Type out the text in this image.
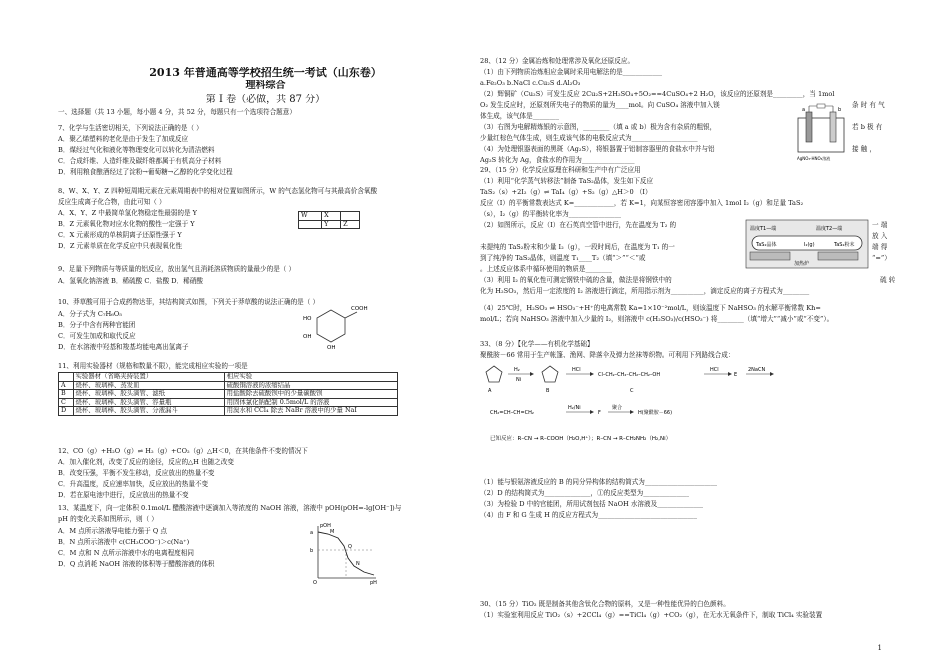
2013 年普通高等学校招生统一考试（山东卷）
理科综合
第 I 卷（必做，共 87 分）
一、选择题（共 13 小题，每小题 4 分，共 52 分，每题只有一个选项符合题意）
7、化学与生活密切相关，下列说法正确的是（ ）
A．聚乙烯塑料的老化是由于发生了加成反应
B．煤经过气化和液化等物理变化可以转化为清洁燃料
C．合成纤维、人造纤维及碳纤维都属于有机高分子材料
D．利用粮食酿酒经过了淀粉→葡萄糖→乙醇的化学变化过程
8、W、X、Y、Z 四种短周期元素在元素周期表中的相对位置如图所示，W 的气态氢化物可与其最高价含氧酸
反应生成离子化合物，由此可知（ ）
A．X、Y、Z 中最简单氢化物稳定性最弱的是 Y
B．Z 元素氧化物对应水化物的酸性一定强于 Y
C．X 元素形成的单核阴离子还原性强于 Y
D．Z 元素单质在化学反应中只表现氧化性
W	X	
	Y	Z
9、足量下列物质与等质量的铝反应，放出氢气且消耗溶质物质的量最少的是（ ）
A．氢氧化钠溶液 B．稀硫酸 C．盐酸 D．稀硝酸
10、莽草酸可用于合成药物达菲，其结构简式如图，下列关于莽草酸的说法正确的是（ ）
A．分子式为 C₇H₆O₅
B．分子中含有两种官能团
C．可发生加成和取代反应
D．在水溶液中羟基和羧基均能电离出氢离子
COOH
HO
OH
OH
11、利用实验器材（规格和数量不限），能完成相应实验的一项是
	实验器材（省略夹持装置）	相应实验
A	烧杯、玻璃棒、蒸发皿	硫酸铜溶液的浓缩结晶
B	烧杯、玻璃棒、胶头滴管、滤纸	用盐酸除去硫酸钡中的少量碳酸钡
C	烧杯、玻璃棒、胶头滴管、容量瓶	用固体氯化钠配制 0.5mol/L 的溶液
D	烧杯、玻璃棒、胶头滴管、分液漏斗	用溴水和 CCl₄ 除去 NaBr 溶液中的少量 NaI
12、CO（g）+H₂O（g）⇌ H₂（g）+CO₂（g）△H＜0，在其他条件不变的情况下
A．加入催化剂，改变了反应的途径，反应的△H 也随之改变
B．改变压强，平衡不发生移动，反应放出的热量不变
C．升高温度，反应速率加快，反应放出的热量不变
D．若在原电池中进行，反应放出的热量不变
13、某温度下，向一定体积 0.1mol/L 醋酸溶液中逐滴加入等浓度的 NaOH 溶液，溶液中 pOH(pOH=-lg[OH⁻])与
pH 的变化关系如图所示，则（ ）
A．M 点所示溶液导电能力强于 Q 点
B．N 点所示溶液中 c(CH₃COO⁻)＞c(Na⁺)
C．M 点和 N 点所示溶液中水的电离程度相同
D．Q 点消耗 NaOH 溶液的体积等于醋酸溶液的体积
pOH
pH
a
b
M
Q
N
O
28、（12 分）金属冶炼和处理常涉及氧化还原反应。
（1）由下列物质冶炼相应金属时采用电解法的是____________
a.Fe₂O₃ b.NaCl c.Cu₂S d.Al₂O₃
（2）辉铜矿（Cu₂S）可发生反应 2Cu₂S+2H₂SO₄+5O₂==4CuSO₄+2 H₂O，该反应的还原剂是_________，当 1mol
O₂ 发生反应时，还原剂所失电子的物质的量为____mol。向 CuSO₄ 溶液中加入镁
体生成，该气体是________
（3）右图为电解精炼银的示意图，________（填 a 或 b）极为含有杂质的粗银，
少量红棕色气体生成，则生成该气体的电极反应式为____________________
（4）为处理银器表面的黑斑（Ag₂S），将银器置于铝制容器里的食盐水中并与铝
Ag₂S 转化为 Ag，食盐水的作用为________________
条 时 有 气
若 b 极 有
接 触 ，
a	b
AgNO₃-HNO₃溶液
29、（15 分）化学反应原理在科研和生产中有广泛应用
（1）利用“化学蒸气转移法”制备 TaS₂晶体，发生如下反应
TaS₂（s）+2I₂（g）⇌ TaI₄（g）+S₂（g）△H＞0 （I）
反应（I）的平衡常数表达式 K=____________，若 K=1，向某恒容密闭容器中加入 1mol I₂（g）和足量 TaS₂
（s），I₂（g）的平衡转化率为________________
（2）如图所示，反应（I）在石英真空管中进行，先在温度为 T₂ 的
未提纯的 TaS₂粉末和少量 I₂（g），一段时间后，在温度为 T₁ 的一
到了纯净的 TaS₂晶体，则温度 T₁____T₂（填“＞”“＜”或
。上述反应体系中循环使用的物质是________
（3）利用 I₂ 的氧化性可测定钢铁中硫的含量，做法是将钢铁中的
化为 H₂SO₃，然后用一定浓度的 I₂ 溶液进行滴定，所用指示剂为__________，滴定反应的离子方程式为________
一 端
放 入
端 得
“=”）
硫 转
温度T1—端	温度T2—端
TaS₂晶体	I₂(g)
加热炉
TaS₂粉末
（4）25℃时，H₂SO₃ ⇌ HSO₃⁻+H⁺的电离常数 Ka=1×10⁻²mol/L，则该温度下 NaHSO₃ 的水解平衡常数 Kh=
mol/L；若向 NaHSO₃ 溶液中加入少量的 I₂，则溶液中 c(H₂SO₃)/c(HSO₃⁻) 将________（填“增大”“减小”或“不变”）。
33、（8 分）【化学——有机化学基础】
聚酰胺－66 常用于生产帐篷、渔网、降落伞及弹力丝袜等织物。可利用下列路线合成：
H₂
Ni
HCl
Cl–CH₂–CH₂–CH₂–CH₂–OH
HCl
E
2NaCN
A	B	C
CH₂=CH–CH=CH₂
H₂/Ni
F
聚合
H(聚酰胺－66)
已知反应：R–CN → R–COOH（H₂O,H⁺）；R–CN → R–CH₂NH₂（H₂,Ni）
（1）能与银氨溶液反应的 B 的同分异构体的结构简式为______________________
（2）D 的结构简式为______________，①的反应类型为______________
（3）为检验 D 中的官能团，所用试剂包括 NaOH 水溶液及______________
（4）由 F 和 G 生成 H 的反应方程式为______________________________
30、（15 分）TiO₂ 既是制备其他含钛化合物的原料，又是一种性能优异的白色颜料。
（1）实验室利用反应 TiO₂（s）+2CCl₄（g）==TiCl₄（g）+CO₂（g），在无水无氧条件下，制取 TiCl₄ 实验装置
1
